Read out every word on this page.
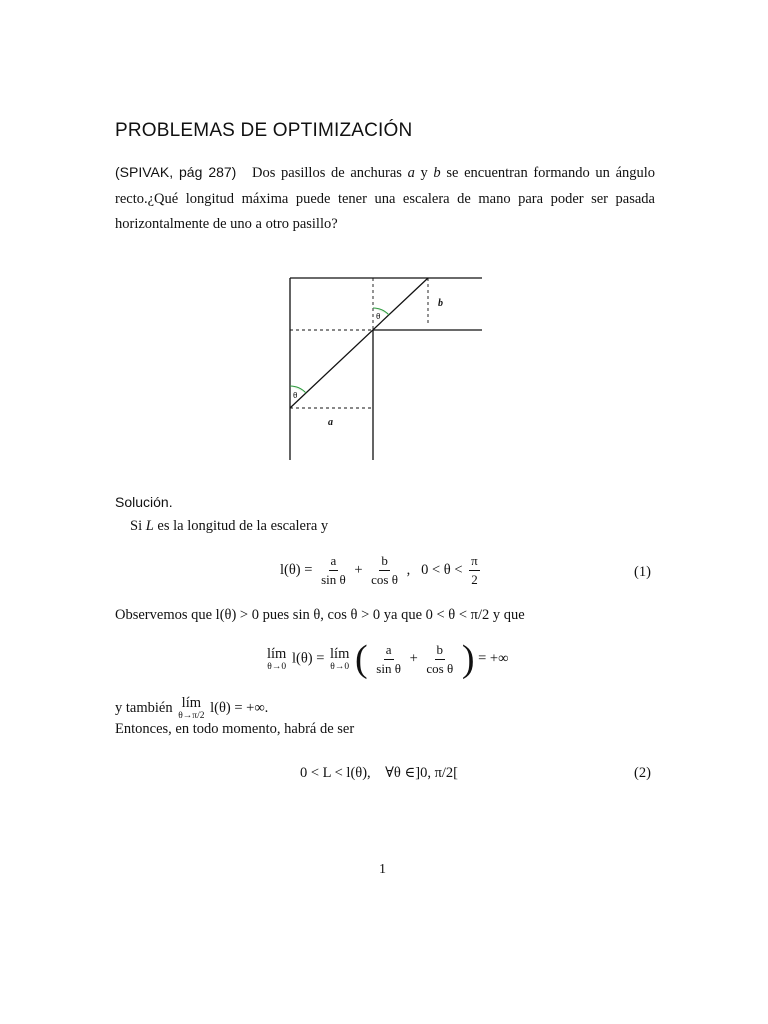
PROBLEMAS DE OPTIMIZACIÓN
(SPIVAK, pág 287) Dos pasillos de anchuras a y b se encuentran formando un ángulo recto.¿Qué longitud máxima puede tener una escalera de mano para poder ser pasada horizontalmente de uno a otro pasillo?
θ
θ
b
a
Solución.
Si L es la longitud de la escalera y
$l(\theta) = \frac{a}{\text{sin θ}} + \frac{b}{\text{cos θ}}$ ,   $0 < \theta < \frac{\pi}{2}$	(1)
Observemos que l(θ) > 0 pues sin θ, cos θ > 0 ya que 0 < θ < π/2 y que
lím
θ→0
l(θ) = lím
θ→0 ( $\frac{a}{\text{sin θ}} + \frac{b}{\text{cos θ}}$ ) = +∞
y también lím
θ→π/2
l(θ) = +∞.
Entonces, en todo momento, habrá de ser
0 < L < l(θ),    ∀θ ∈]0, π/2[	(2)
1
